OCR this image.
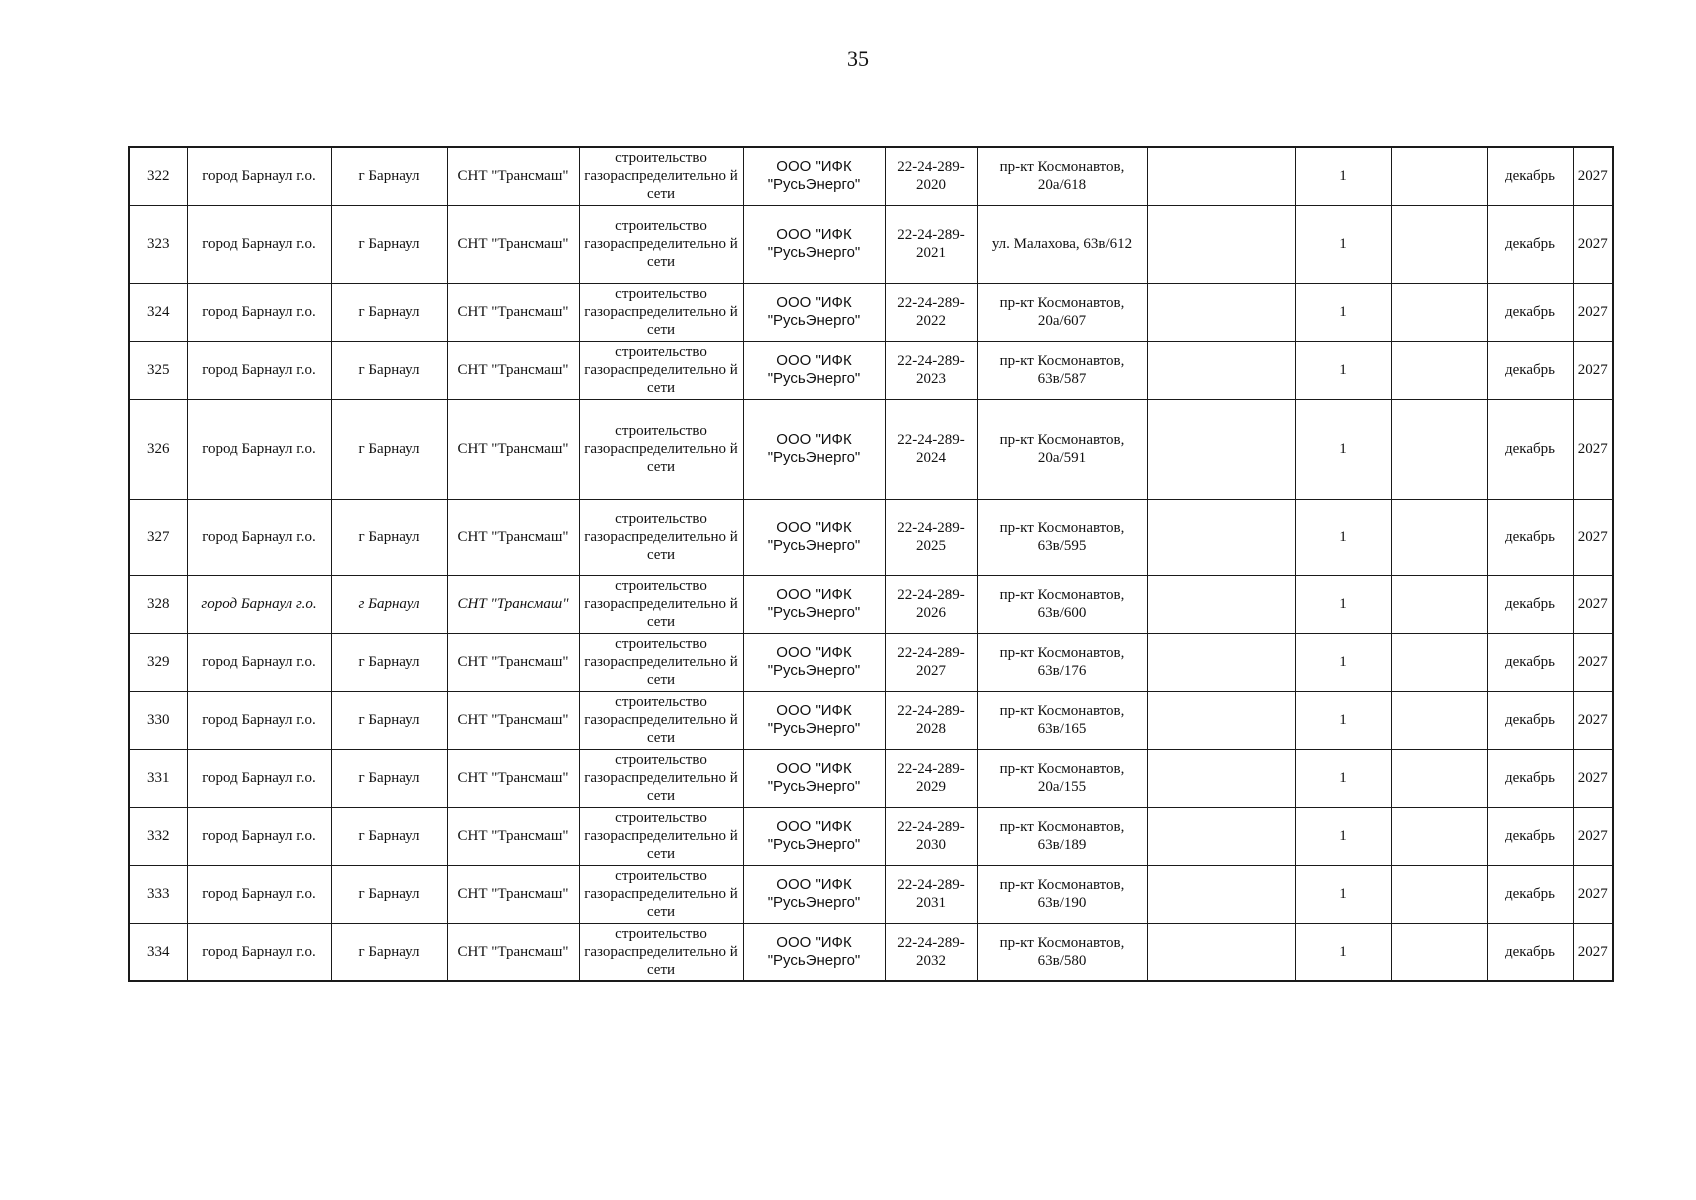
35
322	город Барнаул г.о.	г Барнаул	СНТ "Трансмаш"	строительство газораспределительно й сети	ООО "ИФК "РусьЭнерго"	22-24-289-2020	пр-кт Космонавтов, 20а/618		1		декабрь	2027
323	город Барнаул г.о.	г Барнаул	СНТ "Трансмаш"	строительство газораспределительно й сети	ООО "ИФК "РусьЭнерго"	22-24-289-2021	ул. Малахова, 63в/612		1		декабрь	2027
324	город Барнаул г.о.	г Барнаул	СНТ "Трансмаш"	строительство газораспределительно й сети	ООО "ИФК "РусьЭнерго"	22-24-289-2022	пр-кт Космонавтов, 20а/607		1		декабрь	2027
325	город Барнаул г.о.	г Барнаул	СНТ "Трансмаш"	строительство газораспределительно й сети	ООО "ИФК "РусьЭнерго"	22-24-289-2023	пр-кт Космонавтов, 63в/587		1		декабрь	2027
326	город Барнаул г.о.	г Барнаул	СНТ "Трансмаш"	строительство газораспределительно й сети	ООО "ИФК "РусьЭнерго"	22-24-289-2024	пр-кт Космонавтов, 20а/591		1		декабрь	2027
327	город Барнаул г.о.	г Барнаул	СНТ "Трансмаш"	строительство газораспределительно й сети	ООО "ИФК "РусьЭнерго"	22-24-289-2025	пр-кт Космонавтов, 63в/595		1		декабрь	2027
328	город Барнаул г.о.	г Барнаул	СНТ "Трансмаш"	строительство газораспределительно й сети	ООО "ИФК "РусьЭнерго"	22-24-289-2026	пр-кт Космонавтов, 63в/600		1		декабрь	2027
329	город Барнаул г.о.	г Барнаул	СНТ "Трансмаш"	строительство газораспределительно й сети	ООО "ИФК "РусьЭнерго"	22-24-289-2027	пр-кт Космонавтов, 63в/176		1		декабрь	2027
330	город Барнаул г.о.	г Барнаул	СНТ "Трансмаш"	строительство газораспределительно й сети	ООО "ИФК "РусьЭнерго"	22-24-289-2028	пр-кт Космонавтов, 63в/165		1		декабрь	2027
331	город Барнаул г.о.	г Барнаул	СНТ "Трансмаш"	строительство газораспределительно й сети	ООО "ИФК "РусьЭнерго"	22-24-289-2029	пр-кт Космонавтов, 20а/155		1		декабрь	2027
332	город Барнаул г.о.	г Барнаул	СНТ "Трансмаш"	строительство газораспределительно й сети	ООО "ИФК "РусьЭнерго"	22-24-289-2030	пр-кт Космонавтов, 63в/189		1		декабрь	2027
333	город Барнаул г.о.	г Барнаул	СНТ "Трансмаш"	строительство газораспределительно й сети	ООО "ИФК "РусьЭнерго"	22-24-289-2031	пр-кт Космонавтов, 63в/190		1		декабрь	2027
334	город Барнаул г.о.	г Барнаул	СНТ "Трансмаш"	строительство газораспределительно й сети	ООО "ИФК "РусьЭнерго"	22-24-289-2032	пр-кт Космонавтов, 63в/580		1		декабрь	2027
